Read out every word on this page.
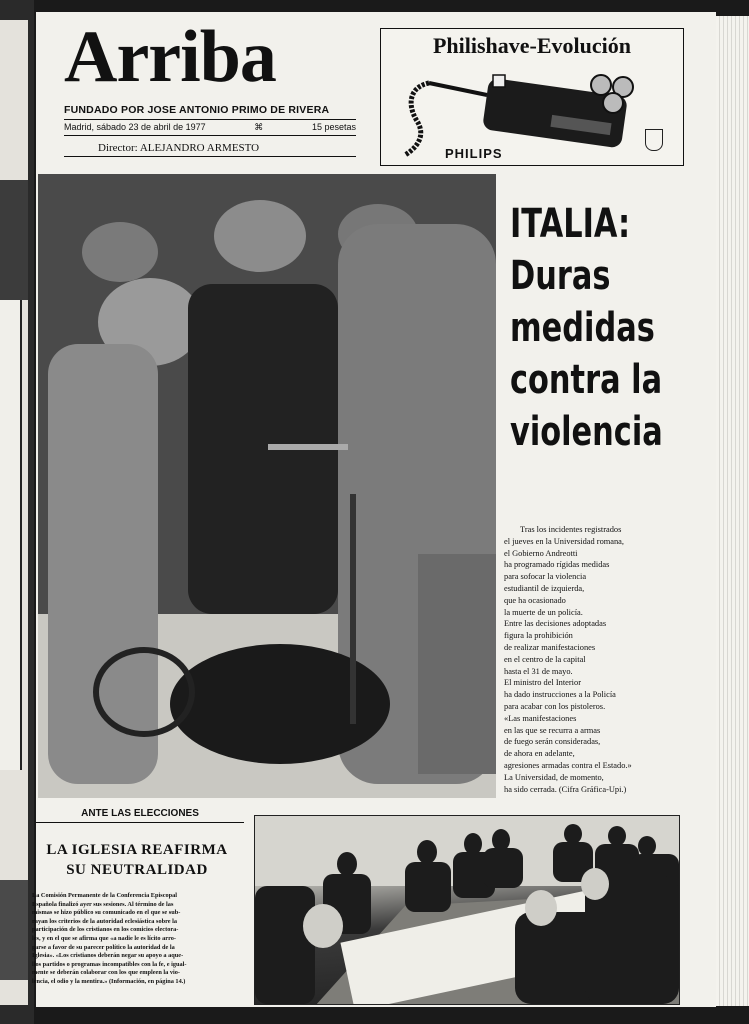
Arriba
FUNDADO POR JOSE ANTONIO PRIMO DE RIVERA
Madrid, sábado 23 de abril de 1977	⌘	15 pesetas
Director: ALEJANDRO ARMESTO
Philishave-Evolución
PHILIPS
ITALIA:
Duras
medidas
contra la
violencia
Tras los incidentes registrados
el jueves en la Universidad romana,
el Gobierno Andreotti
ha programado rígidas medidas
para sofocar la violencia
estudiantil de izquierda,
que ha ocasionado
la muerte de un policía.
Entre las decisiones adoptadas
figura la prohibición
de realizar manifestaciones
en el centro de la capital
hasta el 31 de mayo.
El ministro del Interior
ha dado instrucciones a la Policía
para acabar con los pistoleros.
«Las manifestaciones
en las que se recurra a armas
de fuego serán consideradas,
de ahora en adelante,
agresiones armadas contra el Estado.»
La Universidad, de momento,
ha sido cerrada. (Cifra Gráfica-Upi.)
ANTE LAS ELECCIONES
LA IGLESIA REAFIRMA
SU NEUTRALIDAD
La Comisión Permanente de la Conferencia Episcopal
Española finalizó ayer sus sesiones. Al término de las
mismas se hizo público su comunicado en el que se sub-
rayan los criterios de la autoridad eclesiástica sobre la
participación de los cristianos en los comicios electora-
les, y en el que se afirma que «a nadie le es lícito arro-
garse a favor de su parecer político la autoridad de la
Iglesia». «Los cristianos deberán negar su apoyo a aque-
llos partidos o programas incompatibles con la fe, e igual-
mente se deberán colaborar con los que empleen la vio-
lencia, el odio y la mentira.» (Información, en página 14.)
